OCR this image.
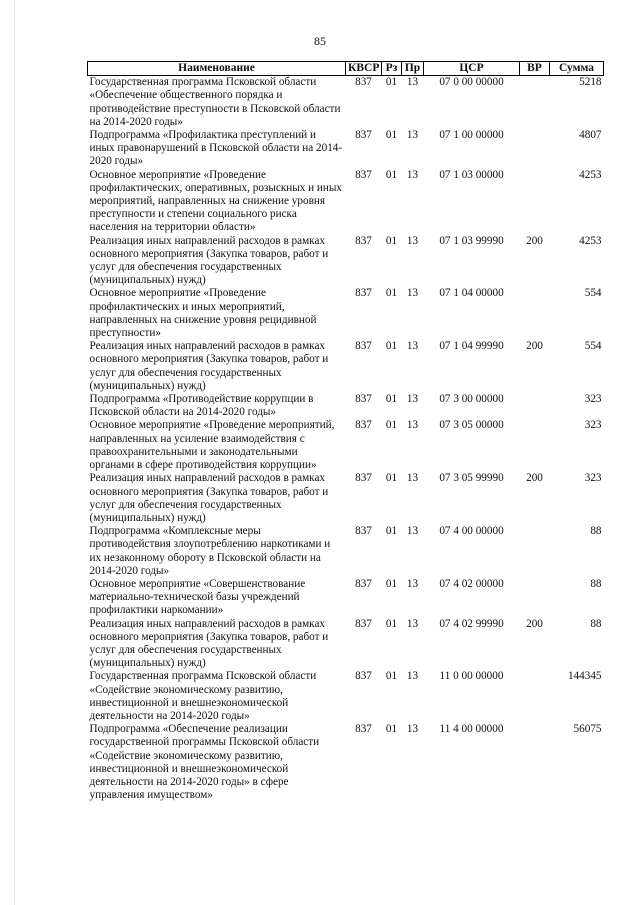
85
Наименование	КВСР	Рз	Пр	ЦСР	ВР	Сумма
Государственная программа Псковской области «Обеспечение общественного порядка и противодействие преступности в Псковской области на 2014-2020 годы»	837	01	13	07 0 00 00000		5218
Подпрограмма «Профилактика преступлений и иных правонарушений в Псковской области на 2014-2020 годы»	837	01	13	07 1 00 00000		4807
Основное мероприятие «Проведение профилактических, оперативных, розыскных и иных мероприятий, направленных на снижение уровня преступности и степени социального риска населения на территории области»	837	01	13	07 1 03 00000		4253
Реализация иных направлений расходов в рамках основного мероприятия (Закупка товаров, работ и услуг для обеспечения государственных (муниципальных) нужд)	837	01	13	07 1 03 99990	200	4253
Основное мероприятие «Проведение профилактических и иных мероприятий, направленных на снижение уровня рецидивной преступности»	837	01	13	07 1 04 00000		554
Реализация иных направлений расходов в рамках основного мероприятия (Закупка товаров, работ и услуг для обеспечения государственных (муниципальных) нужд)	837	01	13	07 1 04 99990	200	554
Подпрограмма «Противодействие коррупции в Псковской области на 2014-2020 годы»	837	01	13	07 3 00 00000		323
Основное мероприятие «Проведение мероприятий, направленных на усиление взаимодействия с правоохранительными и законодательными органами в сфере противодействия коррупции»	837	01	13	07 3 05 00000		323
Реализация иных направлений расходов в рамках основного мероприятия (Закупка товаров, работ и услуг для обеспечения государственных (муниципальных) нужд)	837	01	13	07 3 05 99990	200	323
Подпрограмма «Комплексные меры противодействия злоупотреблению наркотиками и их незаконному обороту в Псковской области на 2014-2020 годы»	837	01	13	07 4 00 00000		88
Основное мероприятие «Совершенствование материально-технической базы учреждений профилактики наркомании»	837	01	13	07 4 02 00000		88
Реализация иных направлений расходов в рамках основного мероприятия (Закупка товаров, работ и услуг для обеспечения государственных (муниципальных) нужд)	837	01	13	07 4 02 99990	200	88
Государственная программа Псковской области «Содействие экономическому развитию, инвестиционной и внешнеэкономической деятельности на 2014-2020 годы»	837	01	13	11 0 00 00000		144345
Подпрограмма «Обеспечение реализации государственной программы Псковской области «Содействие экономическому развитию, инвестиционной и внешнеэкономической деятельности на 2014-2020 годы» в сфере управления имуществом»	837	01	13	11 4 00 00000		56075
